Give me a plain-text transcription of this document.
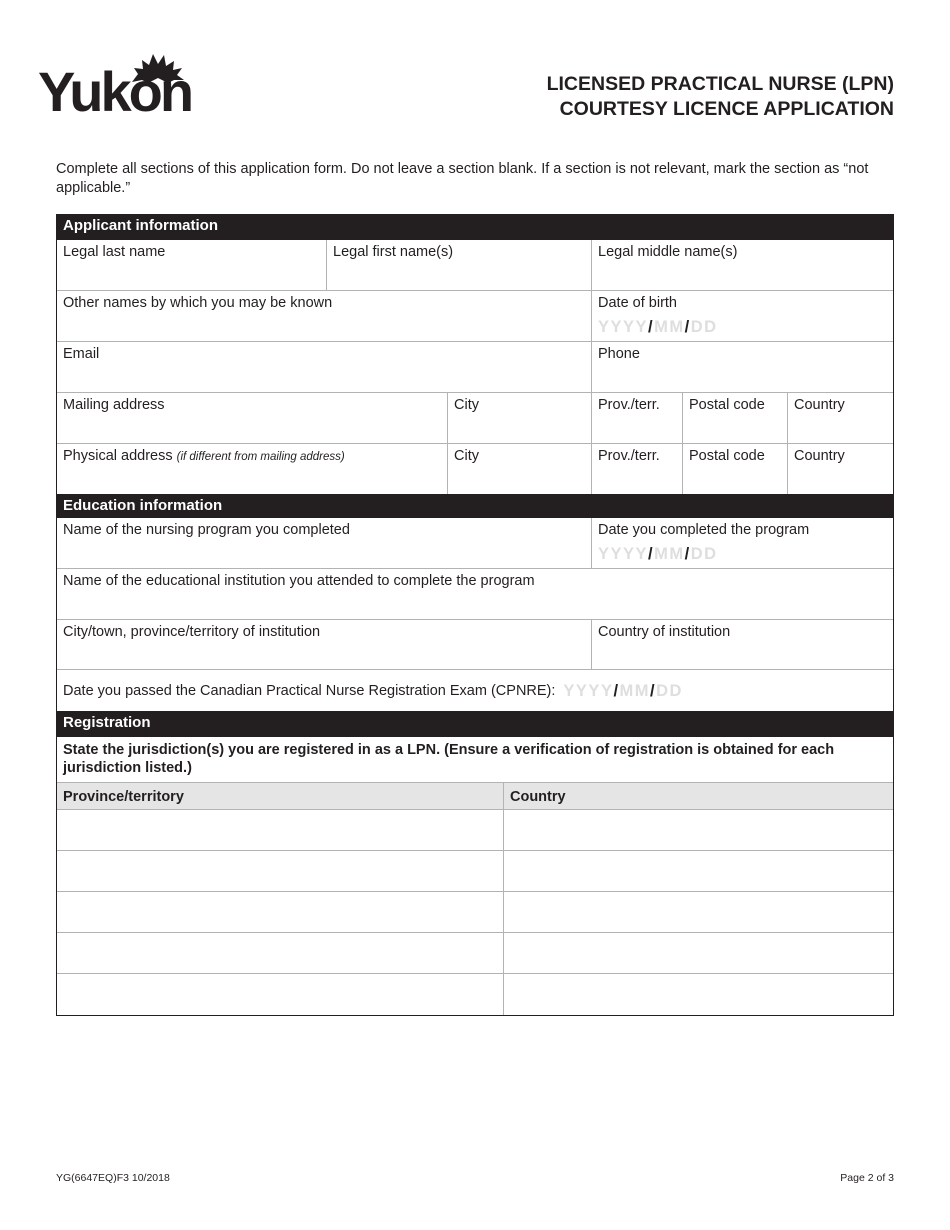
Yukon	LICENSED PRACTICAL NURSE (LPN)
COURTESY LICENCE APPLICATION
Complete all sections of this application form. Do not leave a section blank. If a section is not relevant, mark the section as “not applicable.”
Applicant information
Legal last name	Legal first name(s)	Legal middle name(s)
Other names by which you may be known	Date of birth
YYYY/MM/DD
Email	Phone
Mailing address	City	Prov./terr.	Postal code	Country
Physical address (if different from mailing address)	City	Prov./terr.	Postal code	Country
Education information
Name of the nursing program you completed	Date you completed the program
YYYY/MM/DD
Name of the educational institution you attended to complete the program
City/town, province/territory of institution	Country of institution
Date you passed the Canadian Practical Nurse Registration Exam (CPNRE): YYYY/MM/DD
Registration
State the jurisdiction(s) you are registered in as a LPN. (Ensure a verification of registration is obtained for each jurisdiction listed.)
Province/territory	Country
YG(6647EQ)F3 10/2018	Page 2 of 3
